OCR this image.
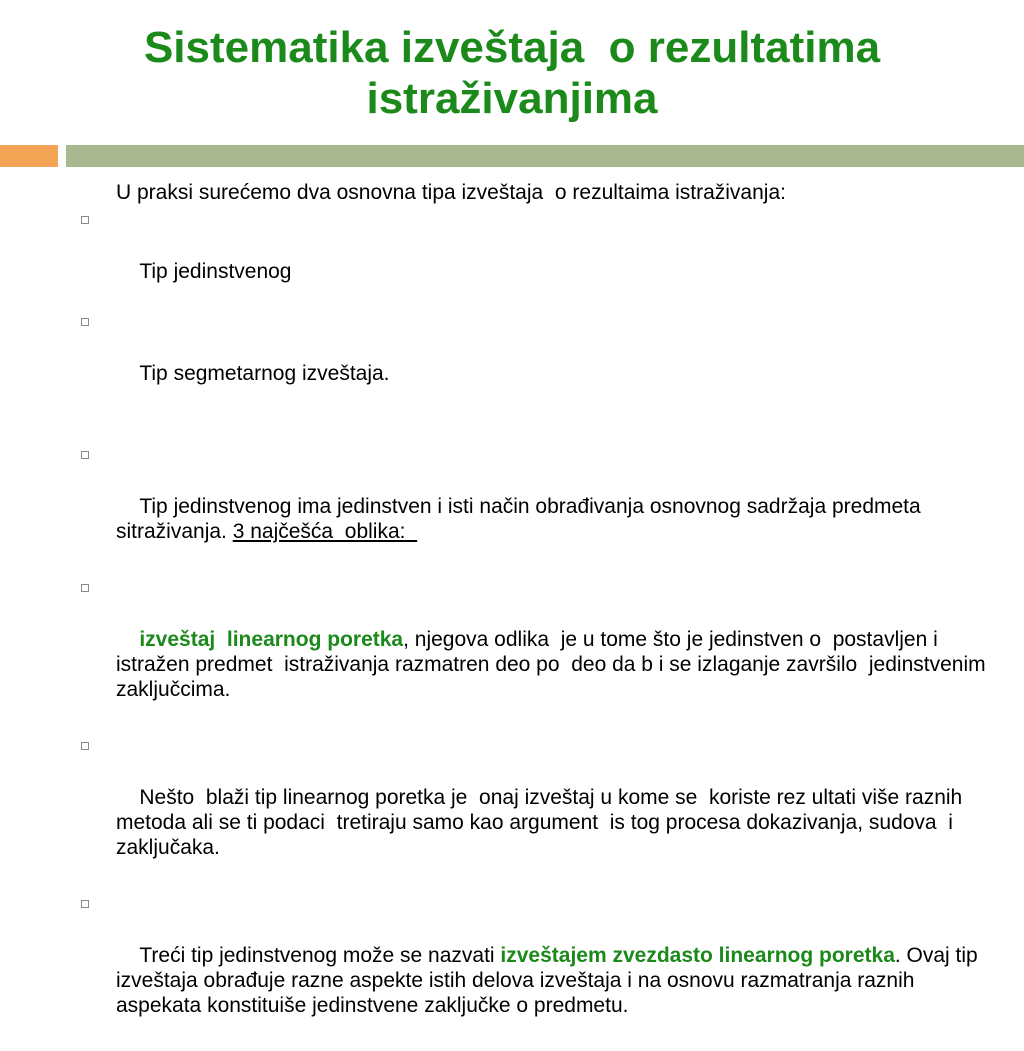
Sistematika izveštaja  o rezultatima
istraživanjima
U praksi surećemo dva osnovna tipa izveštaja  o rezultaima istraživanja:

Tip jedinstvenog

Tip segmetarnog izveštaja.

Tip jedinstvenog ima jedinstven i isti način obrađivanja osnovnog sadržaja predmeta sitraživanja. 3 najčešća  oblika:

izveštaj  linearnog poretka, njegova odlika  je u tome što je jedinstven o  postavljen i istražen predmet  istraživanja razmatren deo po  deo da b i se izlaganje završilo  jedinstvenim zaključcima.

Nešto  blaži tip linearnog poretka je  onaj izveštaj u kome se  koriste rez ultati više raznih  metoda ali se ti podaci  tretiraju samo kao argument  is tog procesa dokazivanja, sudova  i zaključaka.

Treći tip jedinstvenog može se nazvati izveštajem zvezdasto linearnog poretka. Ovaj tip izveštaja obrađuje razne aspekte istih delova izveštaja i na osnovu razmatranja raznih aspekata konstituiše jedinstvene zaključke o predmetu.
